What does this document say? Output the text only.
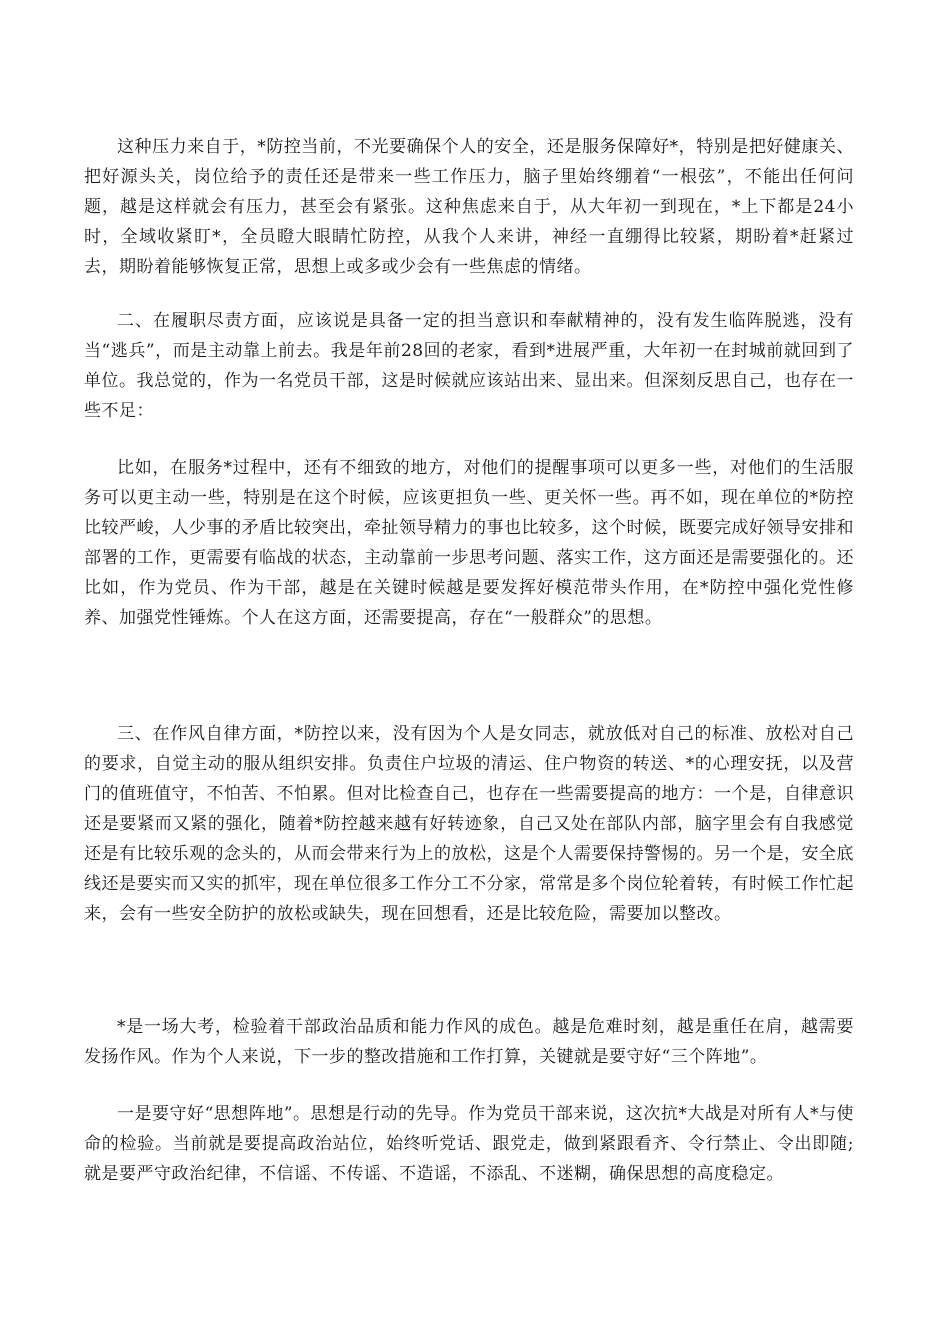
这种压力来自于，*防控当前，不光要确保个人的安全，还是服务保障好*，特别是把好健康关、把好源头关，岗位给予的责任还是带来一些工作压力，脑子里始终绷着“一根弦”，不能出任何问题，越是这样就会有压力，甚至会有紧张。这种焦虑来自于，从大年初一到现在，*上下都是24小时，全域收紧盯*，全员瞪大眼睛忙防控，从我个人来讲，神经一直绷得比较紧，期盼着*赶紧过去，期盼着能够恢复正常，思想上或多或少会有一些焦虑的情绪。

二、在履职尽责方面，应该说是具备一定的担当意识和奉献精神的，没有发生临阵脱逃，没有当“逃兵”，而是主动靠上前去。我是年前28回的老家，看到*进展严重，大年初一在封城前就回到了单位。我总觉的，作为一名党员干部，这是时候就应该站出来、显出来。但深刻反思自己，也存在一些不足：

比如，在服务*过程中，还有不细致的地方，对他们的提醒事项可以更多一些，对他们的生活服务可以更主动一些，特别是在这个时候，应该更担负一些、更关怀一些。再不如，现在单位的*防控比较严峻，人少事的矛盾比较突出，牵扯领导精力的事也比较多，这个时候，既要完成好领导安排和部署的工作，更需要有临战的状态，主动靠前一步思考问题、落实工作，这方面还是需要强化的。还比如，作为党员、作为干部，越是在关键时候越是要发挥好模范带头作用，在*防控中强化党性修养、加强党性锤炼。个人在这方面，还需要提高，存在“一般群众”的思想。

三、在作风自律方面，*防控以来，没有因为个人是女同志，就放低对自己的标准、放松对自己的要求，自觉主动的服从组织安排。负责住户垃圾的清运、住户物资的转送、*的心理安抚，以及营门的值班值守，不怕苦、不怕累。但对比检查自己，也存在一些需要提高的地方：一个是，自律意识还是要紧而又紧的强化，随着*防控越来越有好转迹象，自己又处在部队内部，脑字里会有自我感觉还是有比较乐观的念头的，从而会带来行为上的放松，这是个人需要保持警惕的。另一个是，安全底线还是要实而又实的抓牢，现在单位很多工作分工不分家，常常是多个岗位轮着转，有时候工作忙起来，会有一些安全防护的放松或缺失，现在回想看，还是比较危险，需要加以整改。

*是一场大考，检验着干部政治品质和能力作风的成色。越是危难时刻，越是重任在肩，越需要发扬作风。作为个人来说，下一步的整改措施和工作打算，关键就是要守好“三个阵地”。

一是要守好“思想阵地”。思想是行动的先导。作为党员干部来说，这次抗*大战是对所有人*与使命的检验。当前就是要提高政治站位，始终听党话、跟党走，做到紧跟看齐、令行禁止、令出即随;就是要严守政治纪律，不信谣、不传谣、不造谣，不添乱、不迷糊，确保思想的高度稳定。
